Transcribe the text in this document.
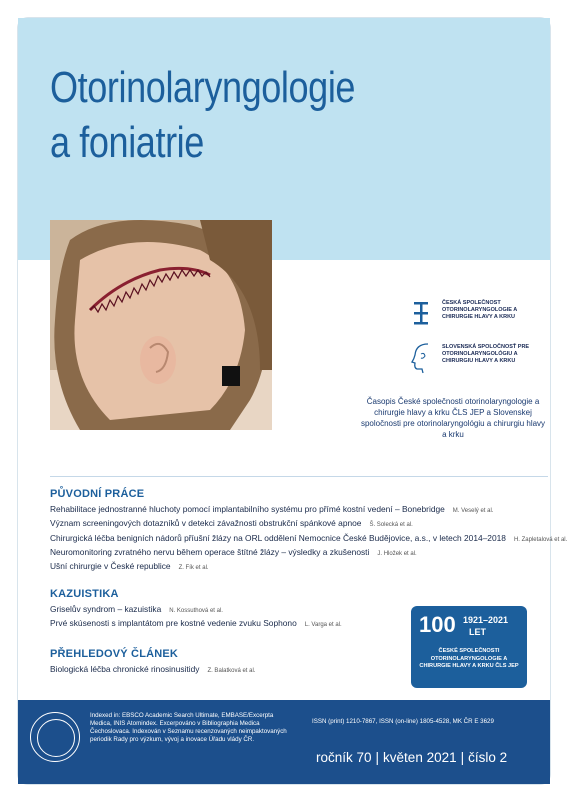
Otorinolaryngologie
a foniatrie
ČESKÁ SPOLEČNOST OTORINOLARYNGOLOGIE A CHIRURGIE HLAVY A KRKU
SLOVENSKÁ SPOLOČNOSŤ PRE OTORINOLARYNGOLÓGIU A CHIRURGIU HLAVY A KRKU
Časopis České společnosti otorinolaryngologie a chirurgie hlavy a krku ČLS JEP a Slovenskej spoločnosti pre otorinolaryngológiu a chirurgiu hlavy a krku
PŮVODNÍ PRÁCE
Rehabilitace jednostranné hluchoty pomocí implantabilního systému pro přímé kostní vedení – Bonebridge M. Veselý et al.
Význam screeningových dotazníků v detekci závažnosti obstrukční spánkové apnoe Š. Solecká et al.
Chirurgická léčba benigních nádorů příušní žlázy na ORL oddělení Nemocnice České Budějovice, a.s., v letech 2014–2018 H. Zapletalová et al.
Neuromonitoring zvratného nervu během operace štítné žlázy – výsledky a zkušenosti J. Hložek et al.
Ušní chirurgie v České republice Z. Fík et al.
KAZUISTIKA
Griselův syndrom – kazuistika N. Kossuthová et al.
Prvé skúsenosti s implantátom pre kostné vedenie zvuku Sophono L. Varga et al.
PŘEHLEDOVÝ ČLÁNEK
Biologická léčba chronické rinosinusitidy Z. Balatková et al.
100 1921–2021
LET
ČESKÉ SPOLEČNOSTI OTORINOLARYNGOLOGIE A CHIRURGIE HLAVY A KRKU ČLS JEP
Indexed in: EBSCO Academic Search Ultimate, EMBASE/Excerpta Medica, INIS Atomindex. Excerpováno v Bibliographia Medica Čechoslovaca. Indexován v Seznamu recenzovaných neimpaktovaných periodik Rady pro výzkum, vývoj a inovace Úřadu vlády ČR.
ISSN (print) 1210-7867, ISSN (on-line) 1805-4528, MK ČR E 3629
ročník 70 | květen 2021 | číslo 2
